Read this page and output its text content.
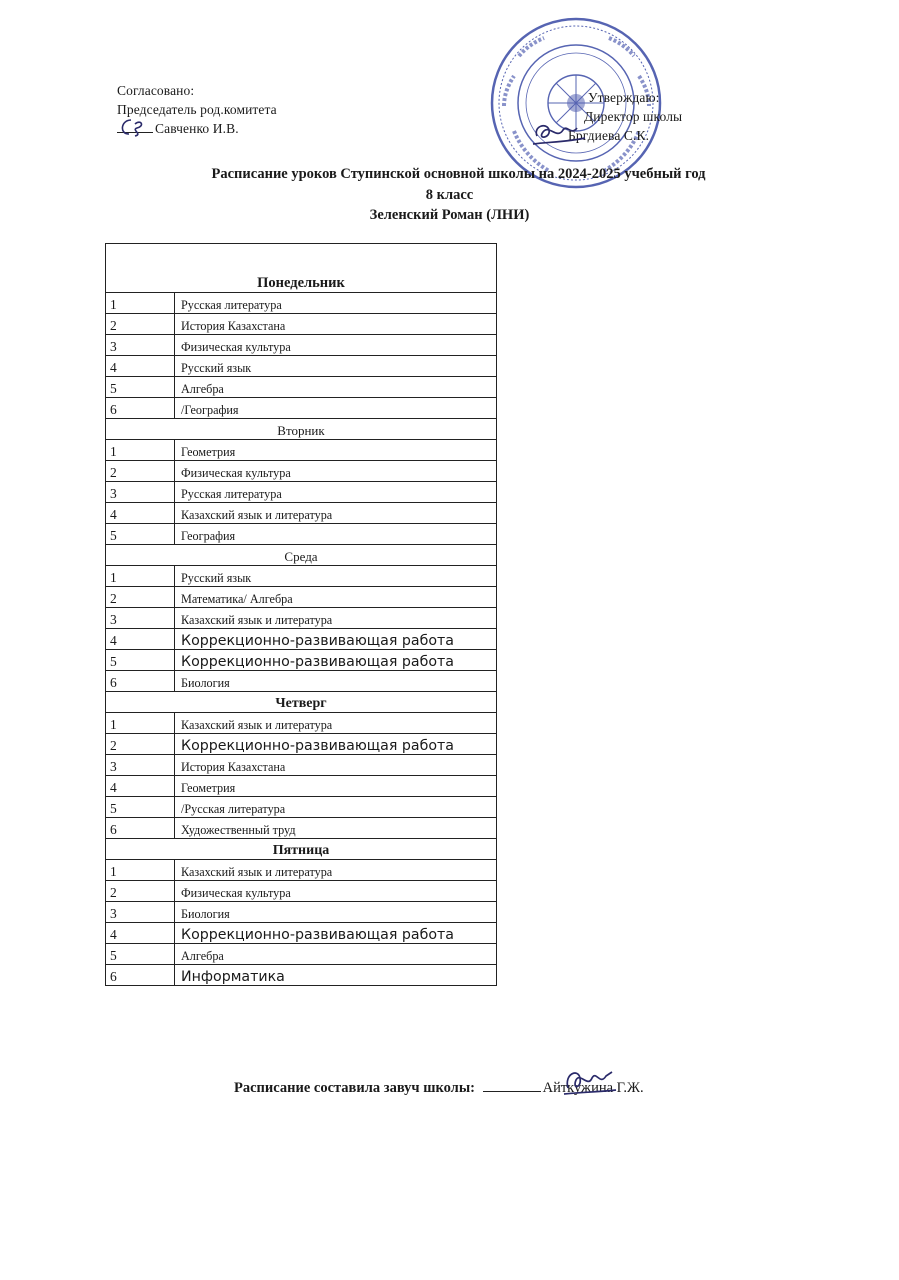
Согласовано:
Председатель род.комитета
Савченко И.В.
Утверждаю:
Директор школы
Бргдиева С.К.
Расписание уроков Ступинской основной школы на 2024-2025 учебный год
8 класс
Зеленский Роман (ЛНИ)
Понедельник	
1	Русская литература
2	История Казахстана
3	Физическая культура
4	Русский язык
5	Алгебра
6	/География
Вторник	
1	Геометрия
2	Физическая культура
3	Русская литература
4	Казахский язык и литература
5	География
Среда	
1	Русский язык
2	Математика/ Алгебра
3	Казахский язык и литература
4	Коррекционно-развивающая работа
5	Коррекционно-развивающая работа
6	Биология
Четверг	
1	Казахский язык и литература
2	Коррекционно-развивающая работа
3	История Казахстана
4	Геометрия
5	/Русская литература
6	Художественный труд
Пятница	
1	Казахский язык и литература
2	Физическая культура
3	Биология
4	Коррекционно-развивающая работа
5	Алгебра
6	Информатика
Расписание составила завуч школы:	Айткужина Г.Ж.
